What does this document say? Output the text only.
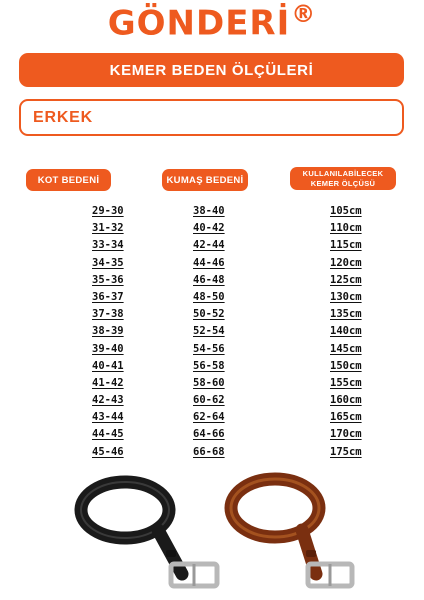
GÖNDERİ®
KEMER BEDEN ÖLÇÜLERİ
ERKEK
KOT BEDENİ	KUMAŞ BEDENİ
KULLANILABİLECEK
KEMER ÖLÇÜSÜ
29-30
31-32
33-34
34-35
35-36
36-37
37-38
38-39
39-40
40-41
41-42
42-43
43-44
44-45
45-46
38-40
40-42
42-44
44-46
46-48
48-50
50-52
52-54
54-56
56-58
58-60
60-62
62-64
64-66
66-68
105cm
110cm
115cm
120cm
125cm
130cm
135cm
140cm
145cm
150cm
155cm
160cm
165cm
170cm
175cm
